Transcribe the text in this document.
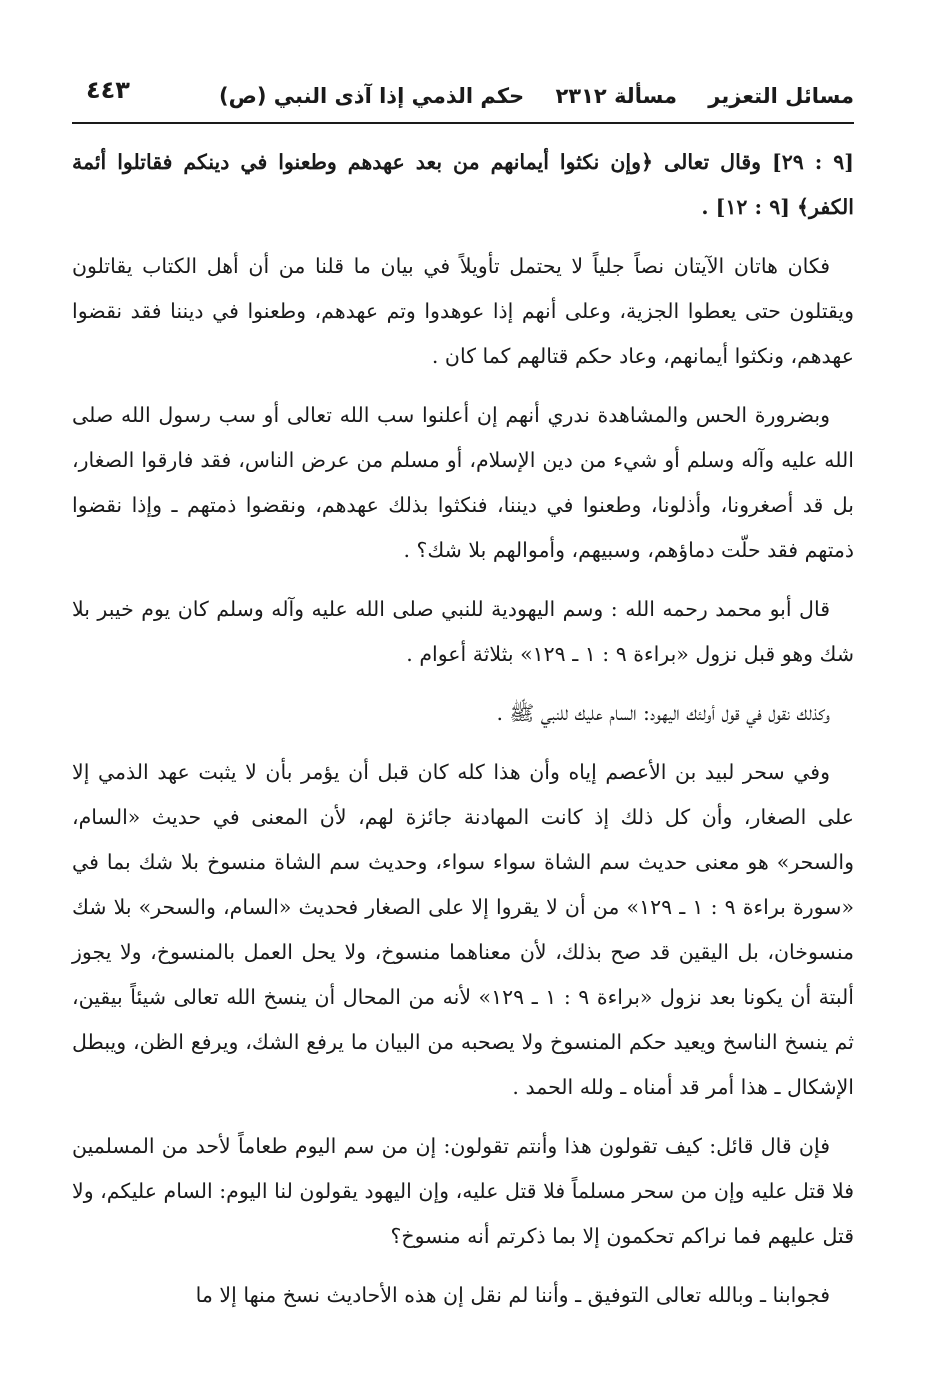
مسائل التعزير مسألة ٢٣١٢ حكم الذمي إذا آذى النبي (ص)
٤٤٣

[٩ : ٢٩] وقال تعالى ﴿وإن نكثوا أيمانهم من بعد عهدهم وطعنوا في دينكم فقاتلوا أئمة الكفر﴾ [٩ : ١٢] .

فكان هاتان الآيتان نصاً جلياً لا يحتمل تأويلاً في بيان ما قلنا من أن أهل الكتاب يقاتلون ويقتلون حتى يعطوا الجزية، وعلى أنهم إذا عوهدوا وتم عهدهم، وطعنوا في ديننا فقد نقضوا عهدهم، ونكثوا أيمانهم، وعاد حكم قتالهم كما كان .

وبضرورة الحس والمشاهدة ندري أنهم إن أعلنوا سب الله تعالى أو سب رسول الله صلى الله عليه وآله وسلم أو شيء من دين الإسلام، أو مسلم من عرض الناس، فقد فارقوا الصغار، بل قد أصغرونا، وأذلونا، وطعنوا في ديننا، فنكثوا بذلك عهدهم، ونقضوا ذمتهم ـ وإذا نقضوا ذمتهم فقد حلّت دماؤهم، وسبيهم، وأموالهم بلا شك؟ .

قال أبو محمد رحمه الله : وسم اليهودية للنبي صلى الله عليه وآله وسلم كان يوم خيبر بلا شك وهو قبل نزول «براءة ٩ : ١ ـ ١٢٩» بثلاثة أعوام .

وكذلك نقول في قول أولئك اليهود: السام عليك للنبي ﷺ .

وفي سحر لبيد بن الأعصم إياه وأن هذا كله كان قبل أن يؤمر بأن لا يثبت عهد الذمي إلا على الصغار، وأن كل ذلك إذ كانت المهادنة جائزة لهم، لأن المعنى في حديث «السام، والسحر» هو معنى حديث سم الشاة سواء سواء، وحديث سم الشاة منسوخ بلا شك بما في «سورة براءة ٩ : ١ ـ ١٢٩» من أن لا يقروا إلا على الصغار فحديث «السام، والسحر» بلا شك منسوخان، بل اليقين قد صح بذلك، لأن معناهما منسوخ، ولا يحل العمل بالمنسوخ، ولا يجوز ألبتة أن يكونا بعد نزول «براءة ٩ : ١ ـ ١٢٩» لأنه من المحال أن ينسخ الله تعالى شيئاً بيقين، ثم ينسخ الناسخ ويعيد حكم المنسوخ ولا يصحبه من البيان ما يرفع الشك، ويرفع الظن، ويبطل الإشكال ـ هذا أمر قد أمناه ـ ولله الحمد .

فإن قال قائل: كيف تقولون هذا وأنتم تقولون: إن من سم اليوم طعاماً لأحد من المسلمين فلا قتل عليه وإن من سحر مسلماً فلا قتل عليه، وإن اليهود يقولون لنا اليوم: السام عليكم، ولا قتل عليهم فما نراكم تحكمون إلا بما ذكرتم أنه منسوخ؟

فجوابنا ـ وبالله تعالى التوفيق ـ وأننا لم نقل إن هذه الأحاديث نسخ منها إلا ما
